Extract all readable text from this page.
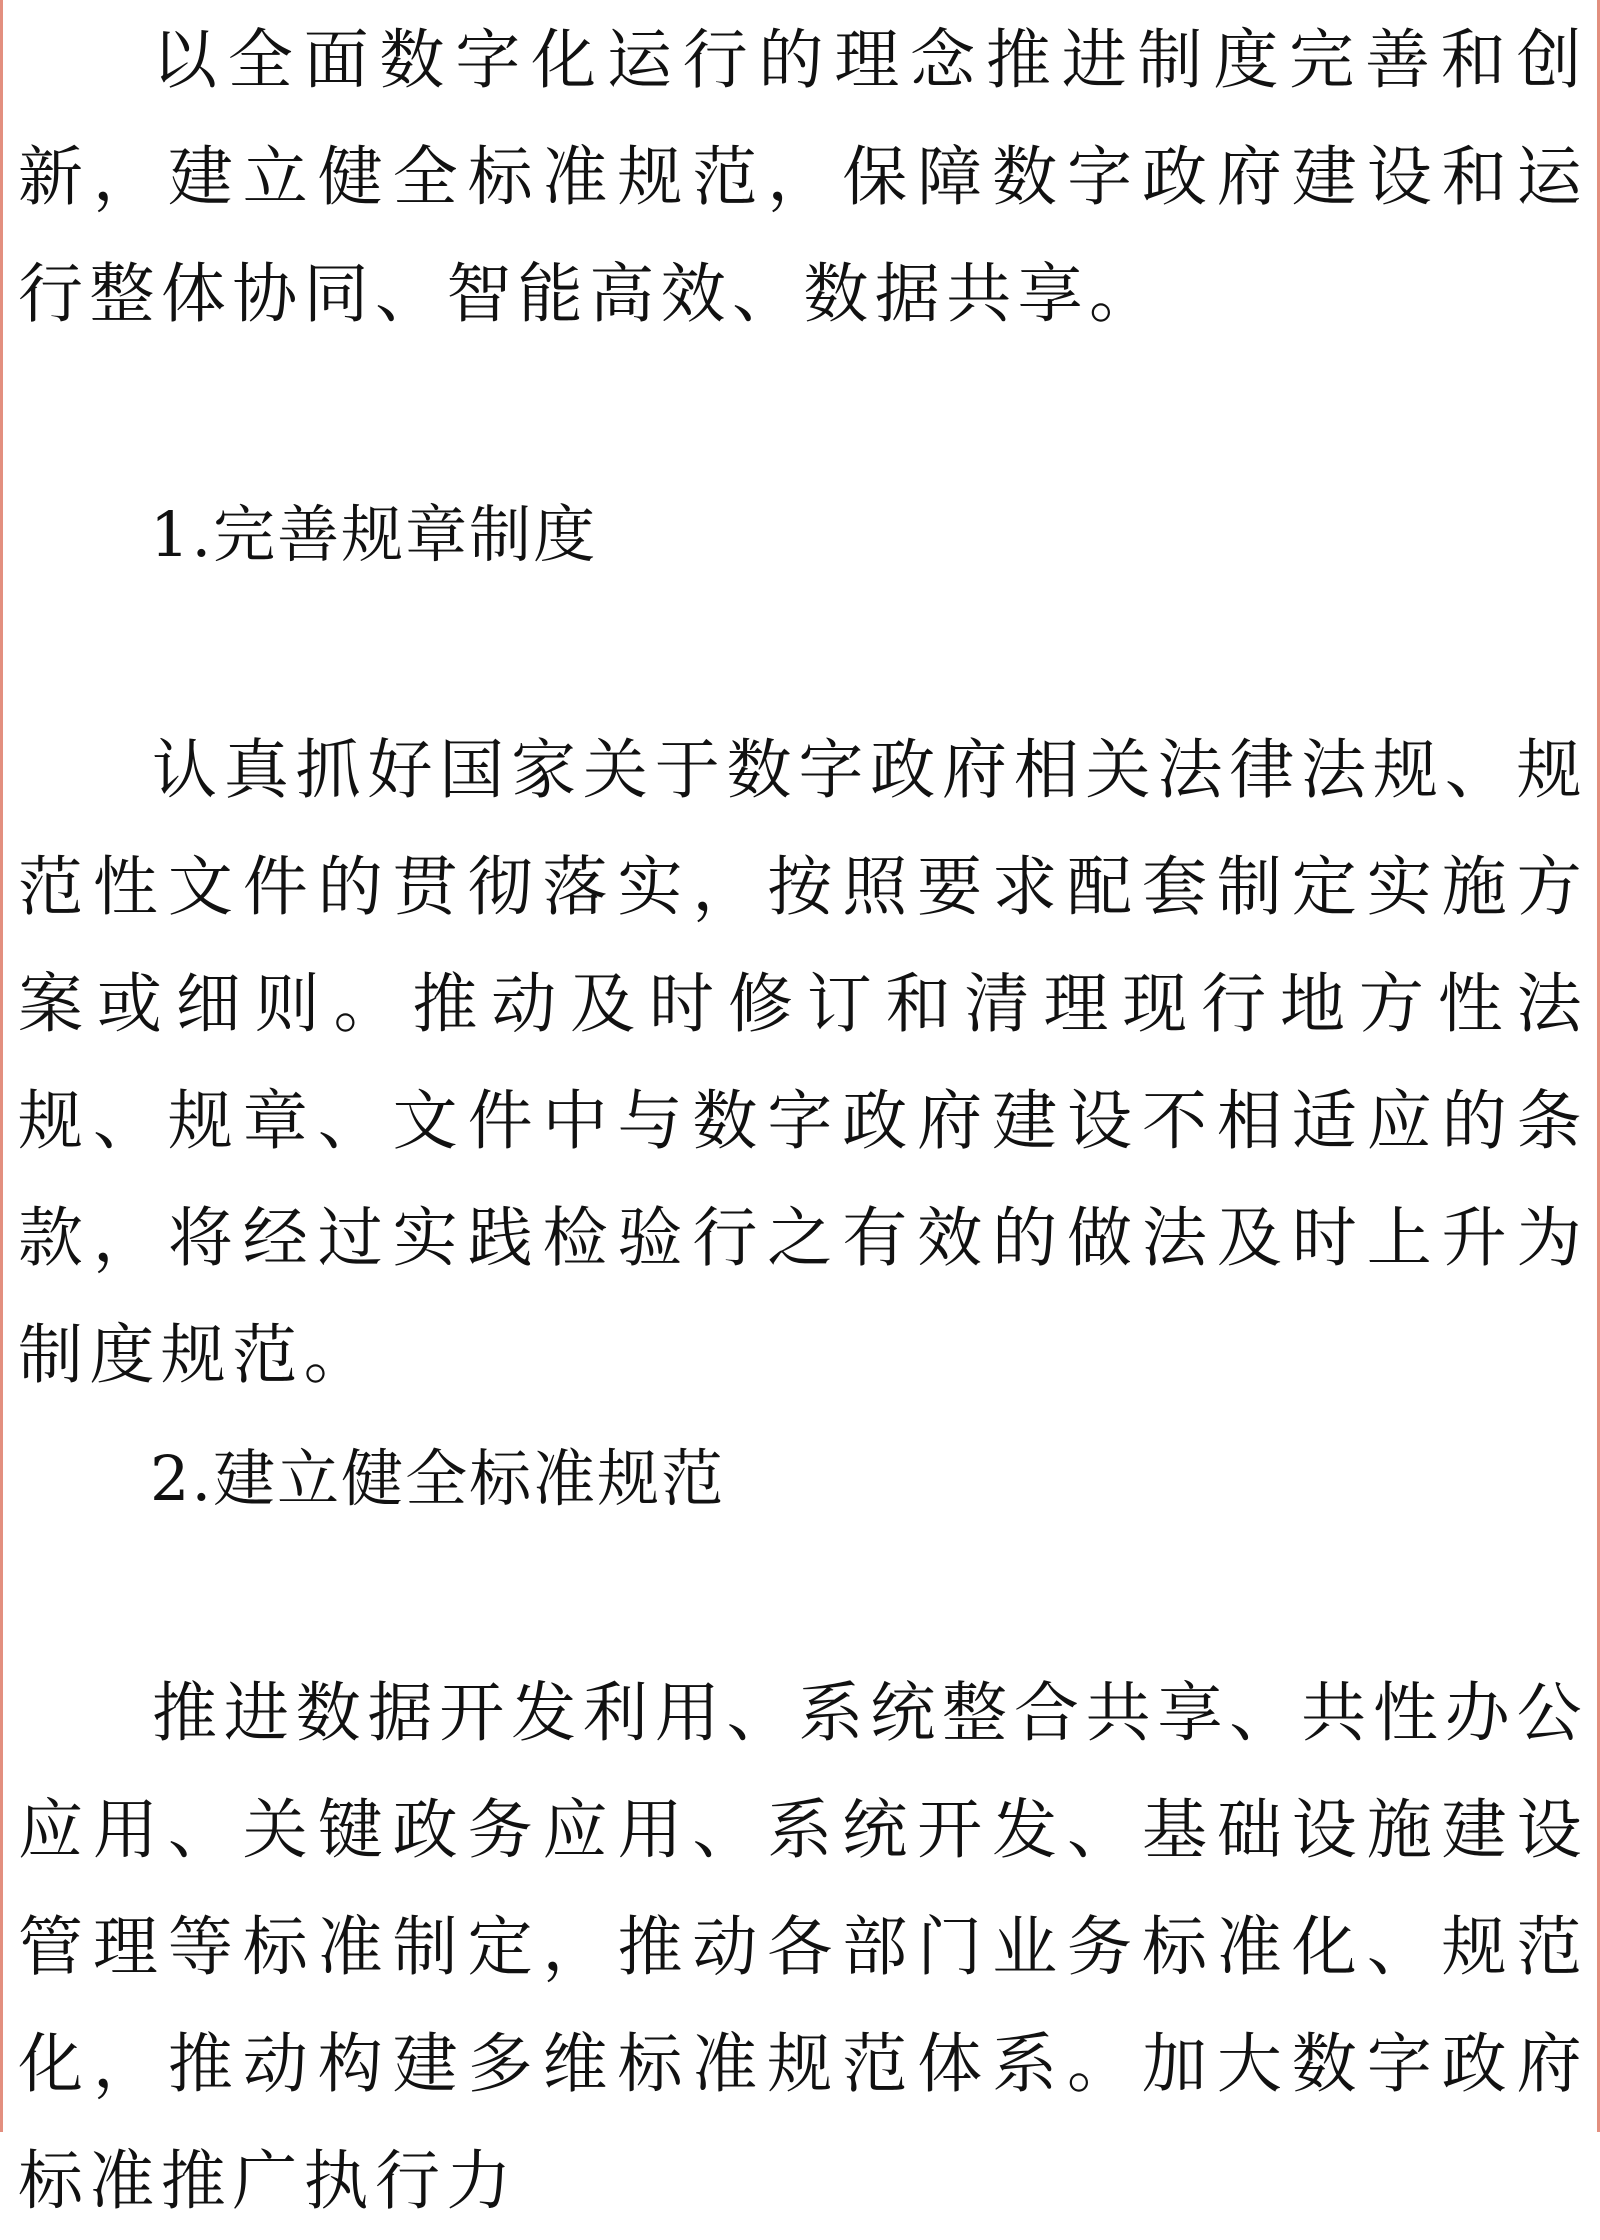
以全面数字化运行的理念推进制度完善和创新，建立健全标准规范，保障数字政府建设和运行整体协同、智能高效、数据共享。

1.完善规章制度

认真抓好国家关于数字政府相关法律法规、规范性文件的贯彻落实，按照要求配套制定实施方案或细则。推动及时修订和清理现行地方性法规、规章、文件中与数字政府建设不相适应的条款，将经过实践检验行之有效的做法及时上升为制度规范。

2.建立健全标准规范

推进数据开发利用、系统整合共享、共性办公应用、关键政务应用、系统开发、基础设施建设管理等标准制定，推动各部门业务标准化、规范化，推动构建多维标准规范体系。加大数字政府标准推广执行力
